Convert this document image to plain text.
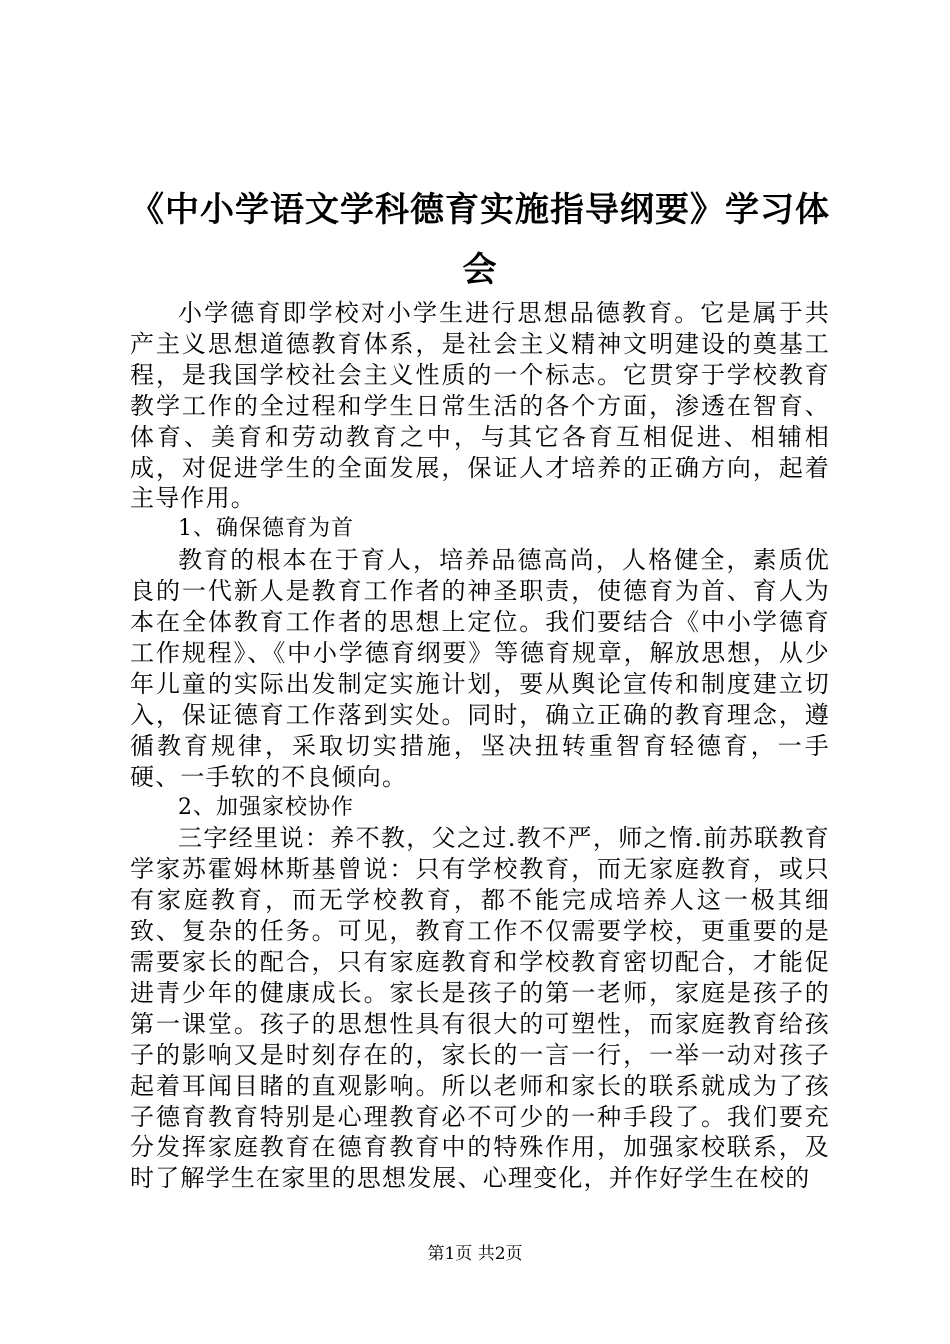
《中小学语文学科德育实施指导纲要》学习体会

小学德育即学校对小学生进行思想品德教育。它是属于共产主义思想道德教育体系，是社会主义精神文明建设的奠基工程，是我国学校社会主义性质的一个标志。它贯穿于学校教育教学工作的全过程和学生日常生活的各个方面，渗透在智育、体育、美育和劳动教育之中，与其它各育互相促进、相辅相成，对促进学生的全面发展，保证人才培养的正确方向，起着主导作用。

1、确保德育为首

教育的根本在于育人，培养品德高尚，人格健全，素质优良的一代新人是教育工作者的神圣职责，使德育为首、育人为本在全体教育工作者的思想上定位。我们要结合《中小学德育工作规程》、《中小学德育纲要》等德育规章，解放思想，从少年儿童的实际出发制定实施计划，要从舆论宣传和制度建立切入，保证德育工作落到实处。同时，确立正确的教育理念，遵循教育规律，采取切实措施，坚决扭转重智育轻德育，一手硬、一手软的不良倾向。

2、加强家校协作

三字经里说：养不教，父之过.教不严，师之惰.前苏联教育学家苏霍姆林斯基曾说：只有学校教育，而无家庭教育，或只有家庭教育，而无学校教育，都不能完成培养人这一极其细致、复杂的任务。可见，教育工作不仅需要学校，更重要的是需要家长的配合，只有家庭教育和学校教育密切配合，才能促进青少年的健康成长。家长是孩子的第一老师，家庭是孩子的第一课堂。孩子的思想性具有很大的可塑性，而家庭教育给孩子的影响又是时刻存在的，家长的一言一行，一举一动对孩子起着耳闻目睹的直观影响。所以老师和家长的联系就成为了孩子德育教育特别是心理教育必不可少的一种手段了。我们要充分发挥家庭教育在德育教育中的特殊作用，加强家校联系，及时了解学生在家里的思想发展、心理变化，并作好学生在校的

第1页 共2页
